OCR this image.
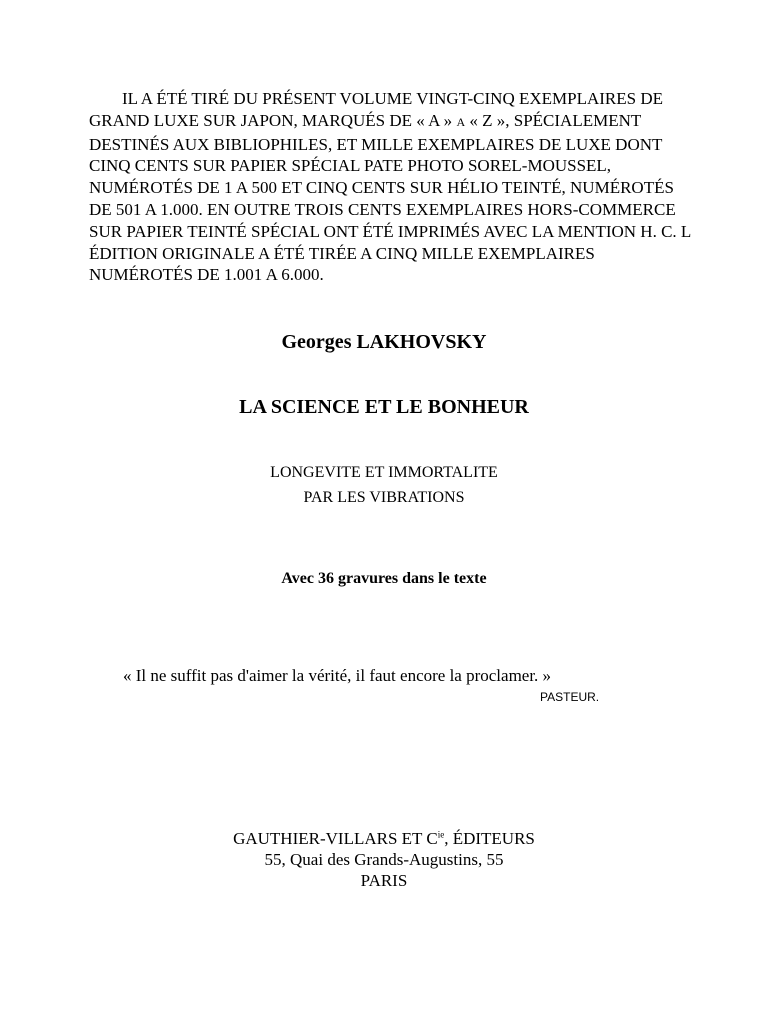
IL A ÉTÉ TIRÉ DU PRÉSENT VOLUME VINGT-CINQ EXEMPLAIRES DE
GRAND LUXE SUR JAPON, MARQUÉS DE « A » A « Z », SPÉCIALEMENT
DESTINÉS AUX BIBLIOPHILES, ET MILLE EXEMPLAIRES DE LUXE DONT
CINQ CENTS SUR PAPIER SPÉCIAL PATE PHOTO SOREL-MOUSSEL,
NUMÉROTÉS DE 1 A 500 ET CINQ CENTS SUR HÉLIO TEINTÉ, NUMÉROTÉS
DE 501 A 1.000. EN OUTRE TROIS CENTS EXEMPLAIRES HORS-COMMERCE
SUR PAPIER TEINTÉ SPÉCIAL ONT ÉTÉ IMPRIMÉS AVEC LA MENTION H. C. L
ÉDITION ORIGINALE A ÉTÉ TIRÉE A CINQ MILLE EXEMPLAIRES
NUMÉROTÉS DE 1.001 A 6.000.
Georges LAKHOVSKY
LA SCIENCE ET LE BONHEUR
LONGEVITE ET IMMORTALITE
PAR LES VIBRATIONS
Avec 36 gravures dans le texte
« Il ne suffit pas d'aimer la vérité, il faut encore la proclamer. »
PASTEUR.
GAUTHIER-VILLARS ET $C^{ie}$, ÉDITEURS
55, Quai des Grands-Augustins, 55
PARIS
